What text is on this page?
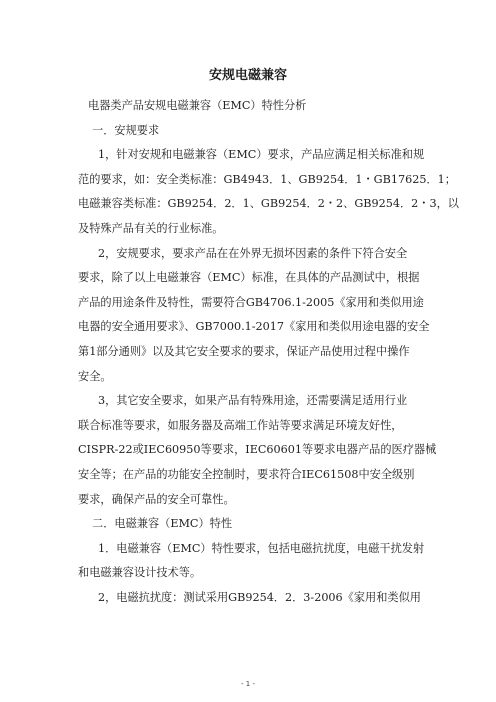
安规电磁兼容
电器类产品安规电磁兼容（EMC）特性分析
一．安规要求
1，针对安规和电磁兼容（EMC）要求，产品应满足相关标准和规
范的要求，如：安全类标准：GB4943．1、GB9254．1・GB17625．1；
电磁兼容类标准：GB9254．2．1、GB9254．2・2、GB9254．2・3，以
及特殊产品有关的行业标准。
2，安规要求，要求产品在在外界无损坏因素的条件下符合安全
要求，除了以上电磁兼容（EMC）标准，在具体的产品测试中，根据
产品的用途条件及特性，需要符合GB4706.1-2005《家用和类似用途
电器的安全通用要求》、GB7000.1-2017《家用和类似用途电器的安全
第1部分通则》以及其它安全要求的要求，保证产品使用过程中操作
安全。
3，其它安全要求，如果产品有特殊用途，还需要满足适用行业
联合标准等要求，如服务器及高端工作站等要求满足环境友好性，
CISPR-22或IEC60950等要求，IEC60601等要求电器产品的医疗器械
安全等；在产品的功能安全控制时，要求符合IEC61508中安全级别
要求，确保产品的安全可靠性。
二．电磁兼容（EMC）特性
1．电磁兼容（EMC）特性要求，包括电磁抗扰度，电磁干扰发射
和电磁兼容设计技术等。
2，电磁抗扰度：测试采用GB9254．2．3-2006《家用和类似用
- 1 -
